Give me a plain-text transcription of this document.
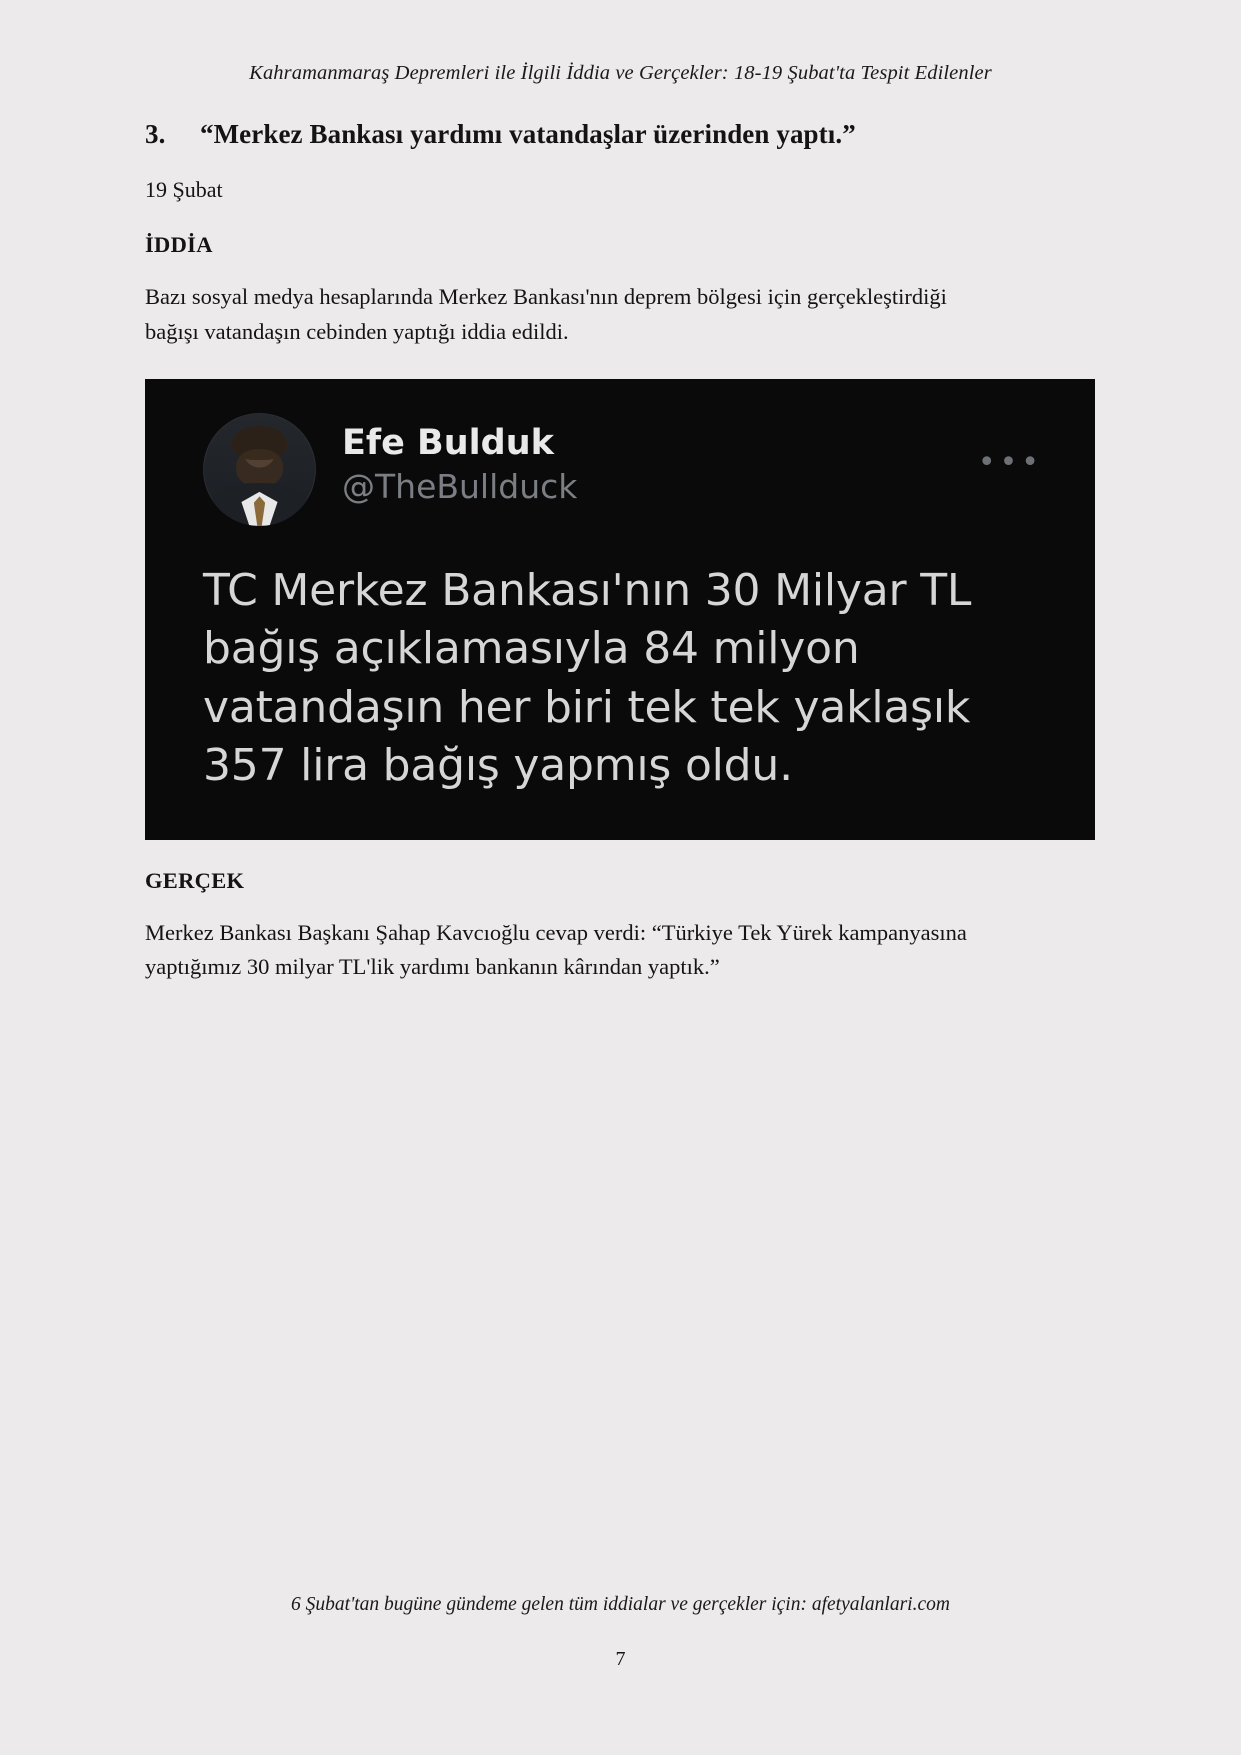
Kahramanmaraş Depremleri ile İlgili İddia ve Gerçekler: 18-19 Şubat'ta Tespit Edilenler
3. “Merkez Bankası yardımı vatandaşlar üzerinden yaptı.”
19 Şubat
İDDİA
Bazı sosyal medya hesaplarında Merkez Bankası'nın deprem bölgesi için gerçekleştirdiği bağışı vatandaşın cebinden yaptığı iddia edildi.
Efe Bulduk
@TheBullduck
•••
TC Merkez Bankası'nın 30 Milyar TL bağış açıklamasıyla 84 milyon vatandaşın her biri tek tek yaklaşık 357 lira bağış yapmış oldu.
GERÇEK
Merkez Bankası Başkanı Şahap Kavcıoğlu cevap verdi: “Türkiye Tek Yürek kampanyasına yaptığımız 30 milyar TL'lik yardımı bankanın kârından yaptık.”
6 Şubat'tan bugüne gündeme gelen tüm iddialar ve gerçekler için: afetyalanlari.com
7
